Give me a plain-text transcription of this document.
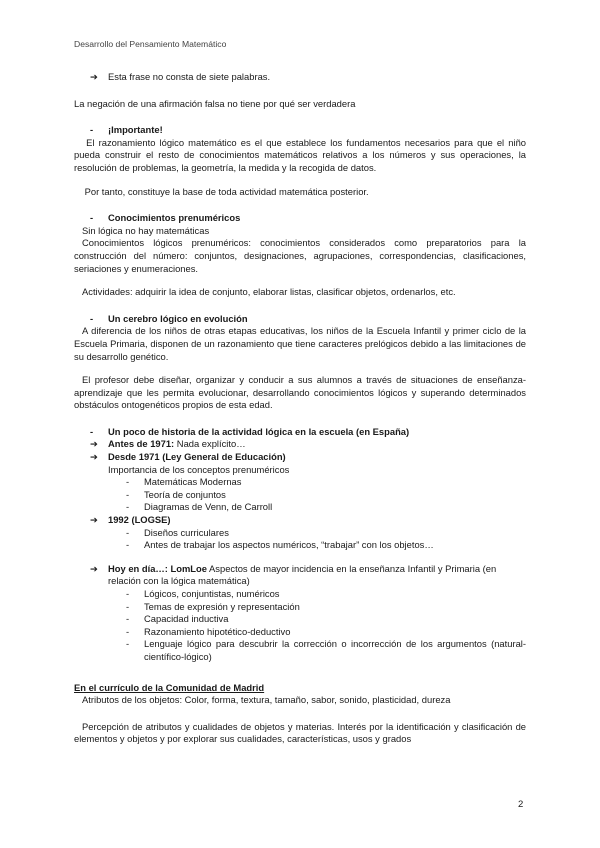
Desarrollo del Pensamiento Matemático
➔	Esta frase no consta de siete palabras.

La negación de una afirmación falsa no tiene por qué ser verdadera

-	¡Importante!

El razonamiento lógico matemático es el que establece los fundamentos necesarios para que el niño pueda construir el resto de conocimientos matemáticos relativos a los números y sus operaciones, la resolución de problemas, la geometría, la medida y la recogida de datos.

Por tanto, constituye la base de toda actividad matemática posterior.

-	Conocimientos prenuméricos

Sin lógica no hay matemáticas

Conocimientos lógicos prenuméricos: conocimientos considerados como preparatorios para la construcción del número: conjuntos, designaciones, agrupaciones, correspondencias, clasificaciones, seriaciones y enumeraciones.

Actividades: adquirir la idea de conjunto, elaborar listas, clasificar objetos, ordenarlos, etc.

-	Un cerebro lógico en evolución

A diferencia de los niños de otras etapas educativas, los niños de la Escuela Infantil y primer ciclo de la Escuela Primaria, disponen de un razonamiento que tiene caracteres prelógicos debido a las limitaciones de su desarrollo genético.

El profesor debe diseñar, organizar y conducir a sus alumnos a través de situaciones de enseñanza-aprendizaje que les permita evolucionar, desarrollando conocimientos lógicos y superando determinados obstáculos ontogenéticos propios de esta edad.

-	Un poco de historia de la actividad lógica en la escuela (en España)
➔	Antes de 1971: Nada explícito…
➔	Desde 1971 (Ley General de Educación)
Importancia de los conceptos prenuméricos
-	Matemáticas Modernas
-	Teoría de conjuntos
-	Diagramas de Venn, de Carroll
➔	1992 (LOGSE)
-	Diseños curriculares
-	Antes de trabajar los aspectos numéricos, “trabajar” con los objetos…
➔	Hoy en día…: LomLoe Aspectos de mayor incidencia en la enseñanza Infantil y Primaria (en relación con la lógica matemática)
-	Lógicos, conjuntistas, numéricos
-	Temas de expresión y representación
-	Capacidad inductiva
-	Razonamiento hipotético-deductivo
-	Lenguaje lógico para descubrir la corrección o incorrección de los argumentos (natural-científico-lógico)

En el currículo de la Comunidad de Madrid

Atributos de los objetos: Color, forma, textura, tamaño, sabor, sonido, plasticidad, dureza

Percepción de atributos y cualidades de objetos y materias. Interés por la identificación y clasificación de elementos y objetos y por explorar sus cualidades, características, usos y grados

2
